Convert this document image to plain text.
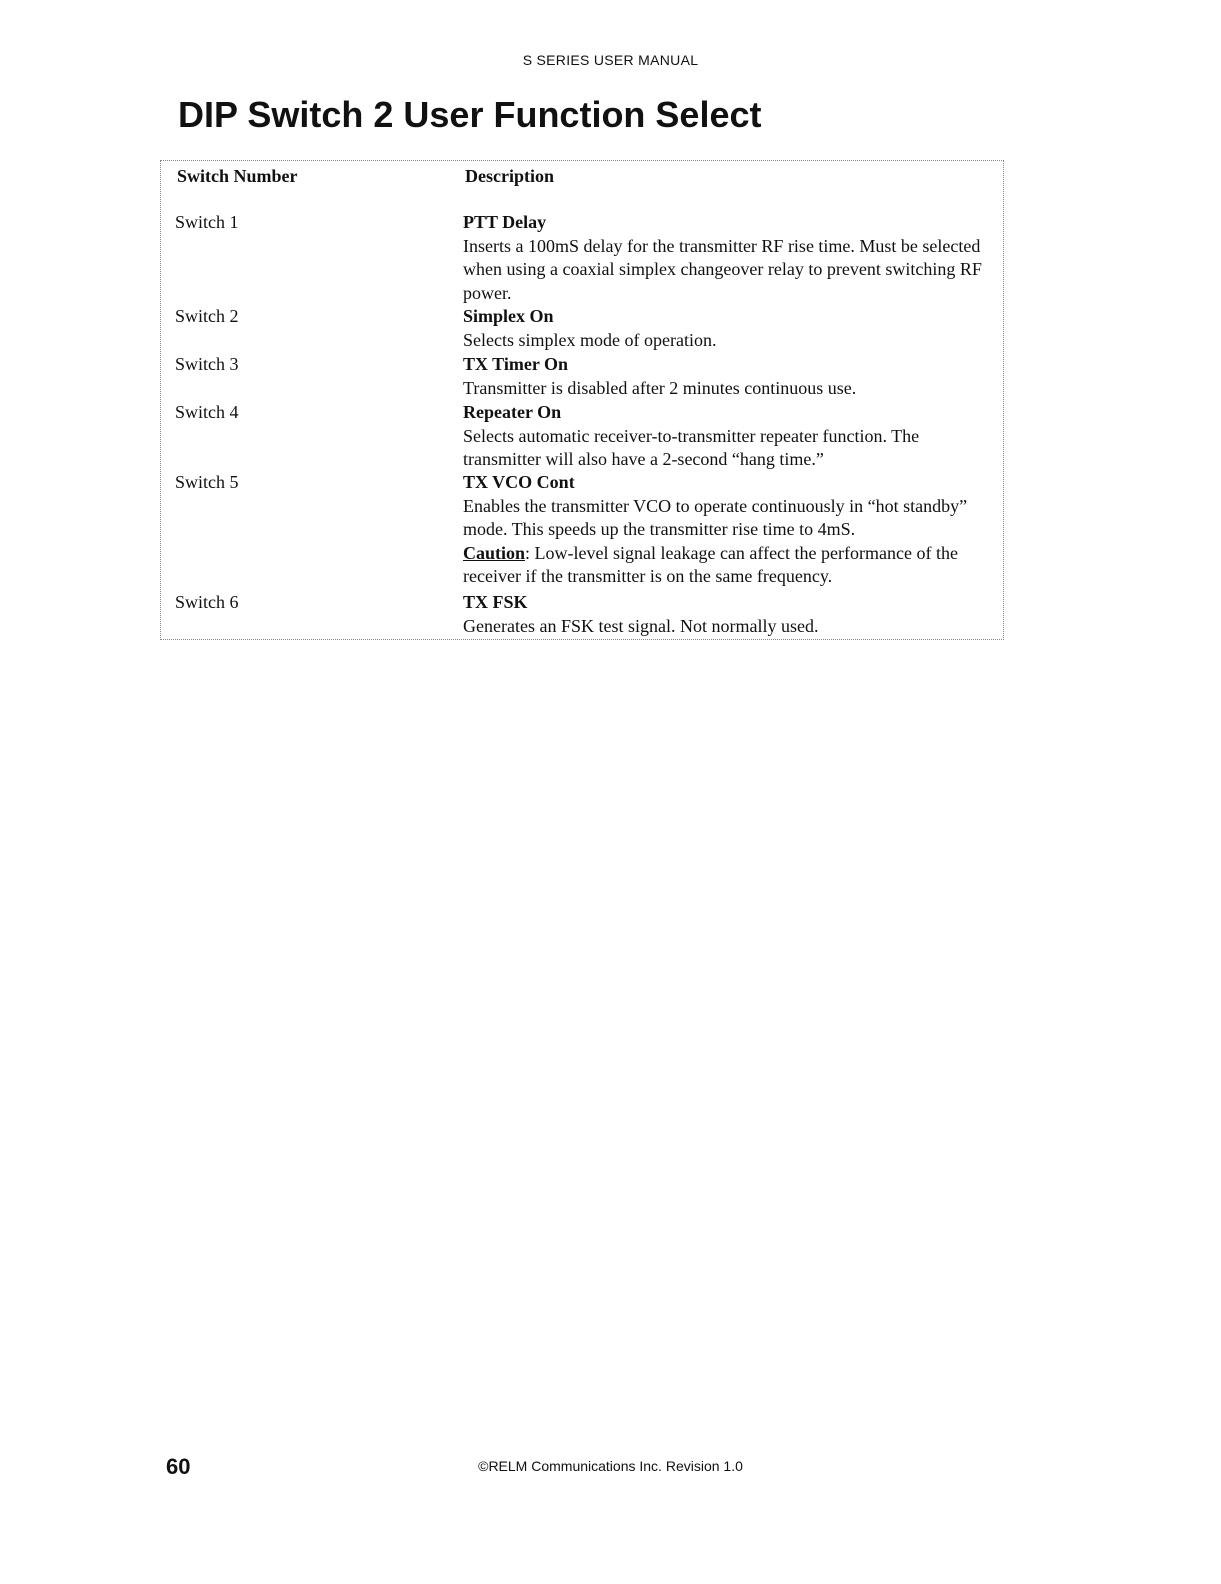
S SERIES USER MANUAL
DIP Switch 2 User Function Select
Switch Number	Description
Switch 1	PTT Delay
Inserts a 100mS delay for the transmitter RF rise time. Must be selected when using a coaxial simplex changeover relay to prevent switching RF power.
Switch 2	Simplex On
Selects simplex mode of operation.
Switch 3	TX Timer On
Transmitter is disabled after 2 minutes continuous use.
Switch 4	Repeater On
Selects automatic receiver-to-transmitter repeater function. The transmitter will also have a 2-second “hang time.”
Switch 5	TX VCO Cont
Enables the transmitter VCO to operate continuously in “hot standby” mode. This speeds up the transmitter rise time to 4mS.
Caution: Low-level signal leakage can affect the performance of the receiver if the transmitter is on the same frequency.
Switch 6	TX FSK
Generates an FSK test signal. Not normally used.
60	©RELM Communications Inc. Revision 1.0
